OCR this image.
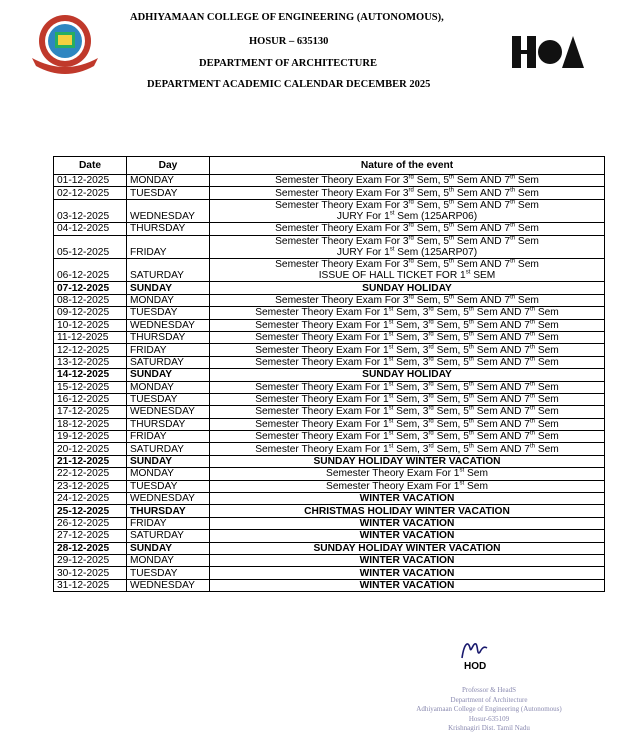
ADHIYAMAAN COLLEGE OF ENGINEERING (AUTONOMOUS),
HOSUR – 635130
DEPARTMENT OF ARCHITECTURE
DEPARTMENT ACADEMIC CALENDAR DECEMBER 2025
Date	Day	Nature of the event
01-12-2025	MONDAY	Semester Theory Exam For 3rd Sem, 5th Sem AND 7th Sem

02-12-2025	TUESDAY	Semester Theory Exam For 3rd Sem, 5th Sem AND 7th Sem

03-12-2025	WEDNESDAY	Semester Theory Exam For 3rd Sem, 5th Sem AND 7th Sem
JURY For 1st Sem (125ARP06)

04-12-2025	THURSDAY	Semester Theory Exam For 3rd Sem, 5th Sem AND 7th Sem

05-12-2025	FRIDAY	Semester Theory Exam For 3rd Sem, 5th Sem AND 7th Sem
JURY For 1st Sem (125ARP07)

06-12-2025	SATURDAY	Semester Theory Exam For 3rd Sem, 5th Sem AND 7th Sem
ISSUE OF HALL TICKET FOR 1st SEM

07-12-2025	SUNDAY	SUNDAY HOLIDAY

08-12-2025	MONDAY	Semester Theory Exam For 3rd Sem, 5th Sem AND 7th Sem

09-12-2025	TUESDAY	Semester Theory Exam For 1st Sem, 3rd Sem, 5th Sem AND 7th Sem

10-12-2025	WEDNESDAY	Semester Theory Exam For 1st Sem, 3rd Sem, 5th Sem AND 7th Sem

11-12-2025	THURSDAY	Semester Theory Exam For 1st Sem, 3rd Sem, 5th Sem AND 7th Sem

12-12-2025	FRIDAY	Semester Theory Exam For 1st Sem, 3rd Sem, 5th Sem AND 7th Sem

13-12-2025	SATURDAY	Semester Theory Exam For 1st Sem, 3rd Sem, 5th Sem AND 7th Sem

14-12-2025	SUNDAY	SUNDAY HOLIDAY

15-12-2025	MONDAY	Semester Theory Exam For 1st Sem, 3rd Sem, 5th Sem AND 7th Sem

16-12-2025	TUESDAY	Semester Theory Exam For 1st Sem, 3rd Sem, 5th Sem AND 7th Sem

17-12-2025	WEDNESDAY	Semester Theory Exam For 1st Sem, 3rd Sem, 5th Sem AND 7th Sem

18-12-2025	THURSDAY	Semester Theory Exam For 1st Sem, 3rd Sem, 5th Sem AND 7th Sem

19-12-2025	FRIDAY	Semester Theory Exam For 1st Sem, 3rd Sem, 5th Sem AND 7th Sem

20-12-2025	SATURDAY	Semester Theory Exam For 1st Sem, 3rd Sem, 5th Sem AND 7th Sem

21-12-2025	SUNDAY	SUNDAY HOLIDAY WINTER VACATION

22-12-2025	MONDAY	Semester Theory Exam For 1st Sem

23-12-2025	TUESDAY	Semester Theory Exam For 1st Sem

24-12-2025	WEDNESDAY	WINTER VACATION

25-12-2025	THURSDAY	CHRISTMAS HOLIDAY WINTER VACATION

26-12-2025	FRIDAY	WINTER VACATION

27-12-2025	SATURDAY	WINTER VACATION

28-12-2025	SUNDAY	SUNDAY HOLIDAY WINTER VACATION

29-12-2025	MONDAY	WINTER VACATION

30-12-2025	TUESDAY	WINTER VACATION

31-12-2025	WEDNESDAY	WINTER VACATION
HOD
Professor & HeadS
Department of Architecture
Adhiyamaan College of Engineering (Autonomous)
Hosur-635109
Krishnagiri Dist. Tamil Nadu
